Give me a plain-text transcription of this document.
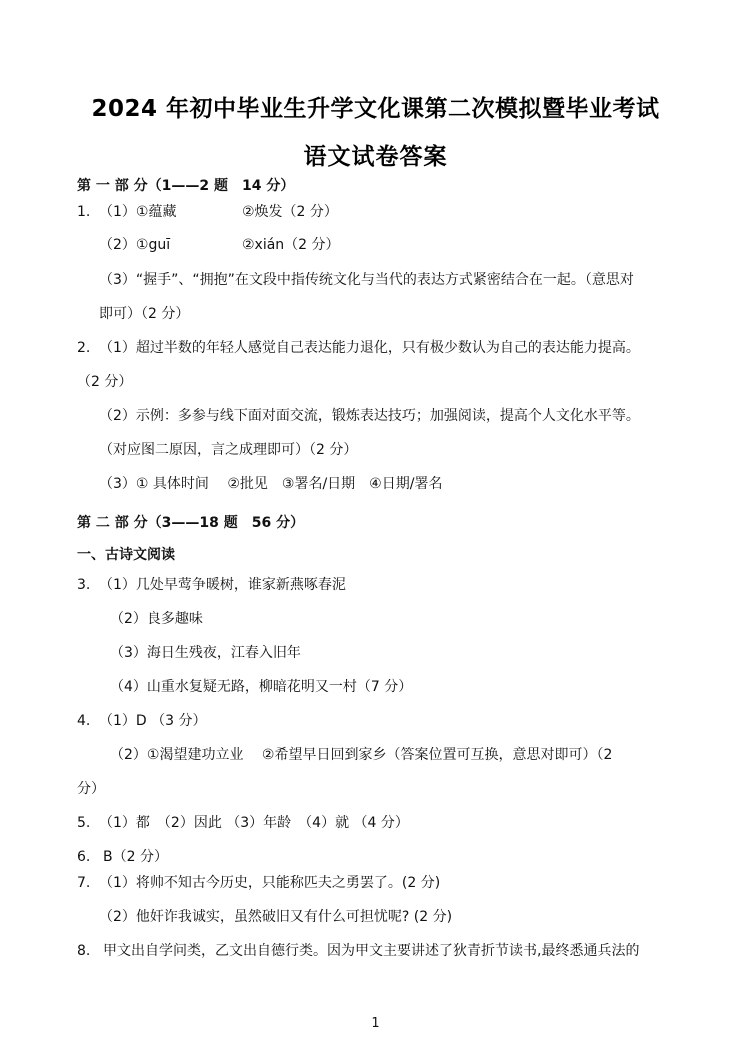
2024 年初中毕业生升学文化课第二次模拟暨毕业考试
语文试卷答案
第 一 部 分（1——2 题　14 分）
1. （1）①蕴藏	②焕发（2 分）
（2）①guī	②xián（2 分）
（3）“握手”、“拥抱”在文段中指传统文化与当代的表达方式紧密结合在一起。（意思对
即可）（2 分）
2. （1）超过半数的年轻人感觉自己表达能力退化，只有极少数认为自己的表达能力提高。
（2 分）
（2）示例：多参与线下面对面交流，锻炼表达技巧；加强阅读，提高个人文化水平等。
（对应图二原因，言之成理即可）（2 分）
（3）① 具体时间　 ②批见　③署名/日期　④日期/署名
第 二 部 分（3——18 题　56 分）
一、古诗文阅读
3. （1）几处早莺争暖树，谁家新燕啄春泥
（2）良多趣味
（3）海日生残夜，江春入旧年
（4）山重水复疑无路，柳暗花明又一村（7 分）
4. （1）D （3 分）
（2）①渴望建功立业　 ②希望早日回到家乡（答案位置可互换，意思对即可）（2
分）
5. （1）都　（2）因此 （3）年龄　（4）就 （4 分）
6. B（2 分）
7. （1）将帅不知古今历史，只能称匹夫之勇罢了。(2 分)
（2）他奸诈我诚实，虽然破旧又有什么可担忧呢? (2 分)
8. 甲文出自学问类，乙文出自德行类。因为甲文主要讲述了狄青折节读书,最终悉通兵法的
1
